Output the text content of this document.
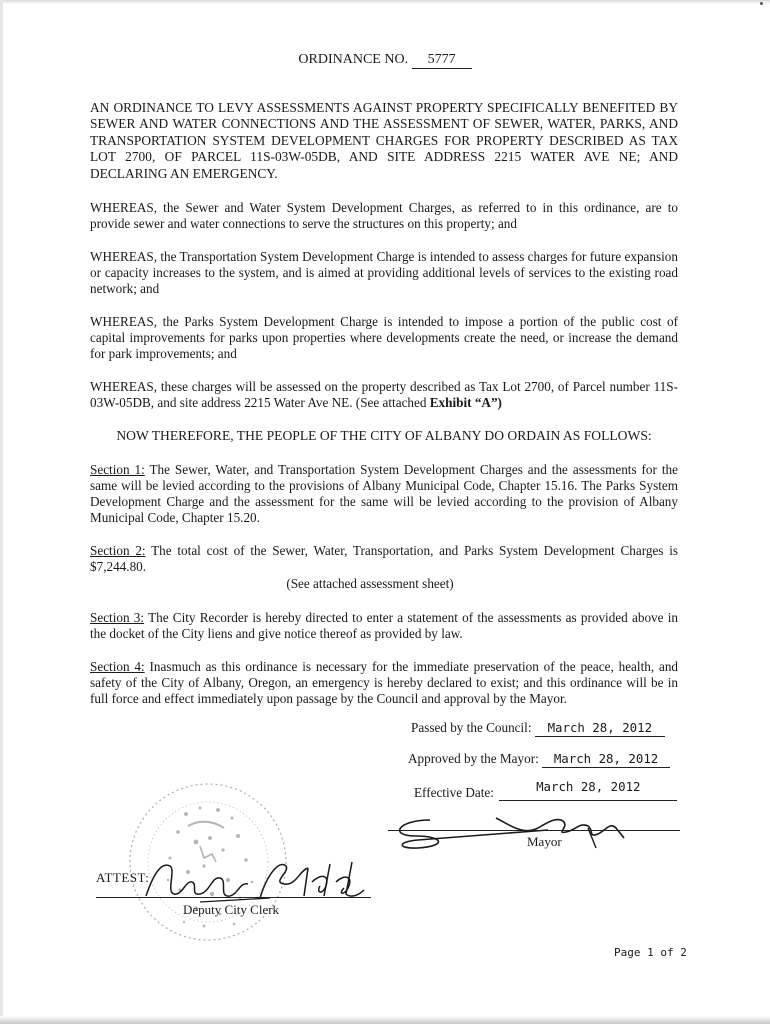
ORDINANCE NO. 5777
AN ORDINANCE TO LEVY ASSESSMENTS AGAINST PROPERTY SPECIFICALLY BENEFITED BY SEWER AND WATER CONNECTIONS AND THE ASSESSMENT OF SEWER, WATER, PARKS, AND TRANSPORTATION SYSTEM DEVELOPMENT CHARGES FOR PROPERTY DESCRIBED AS TAX LOT 2700, OF PARCEL 11S-03W-05DB, AND SITE ADDRESS 2215 WATER AVE NE; AND DECLARING AN EMERGENCY.
WHEREAS, the Sewer and Water System Development Charges, as referred to in this ordinance, are to provide sewer and water connections to serve the structures on this property; and
WHEREAS, the Transportation System Development Charge is intended to assess charges for future expansion or capacity increases to the system, and is aimed at providing additional levels of services to the existing road network; and
WHEREAS, the Parks System Development Charge is intended to impose a portion of the public cost of capital improvements for parks upon properties where developments create the need, or increase the demand for park improvements; and
WHEREAS, these charges will be assessed on the property described as Tax Lot 2700, of Parcel number 11S-03W-05DB, and site address 2215 Water Ave NE. (See attached Exhibit “A”)
NOW THEREFORE, THE PEOPLE OF THE CITY OF ALBANY DO ORDAIN AS FOLLOWS:
Section 1: The Sewer, Water, and Transportation System Development Charges and the assessments for the same will be levied according to the provisions of Albany Municipal Code, Chapter 15.16. The Parks System Development Charge and the assessment for the same will be levied according to the provision of Albany Municipal Code, Chapter 15.20.
Section 2: The total cost of the Sewer, Water, Transportation, and Parks System Development Charges is $7,244.80.
(See attached assessment sheet)
Section 3: The City Recorder is hereby directed to enter a statement of the assessments as provided above in the docket of the City liens and give notice thereof as provided by law.
Section 4: Inasmuch as this ordinance is necessary for the immediate preservation of the peace, health, and safety of the City of Albany, Oregon, an emergency is hereby declared to exist; and this ordinance will be in full force and effect immediately upon passage by the Council and approval by the Mayor.
Passed by the Council: March 28, 2012
Approved by the Mayor: March 28, 2012
Effective Date:	March 28, 2012
Mayor
ATTEST:
Deputy City Clerk
Page 1 of 2
